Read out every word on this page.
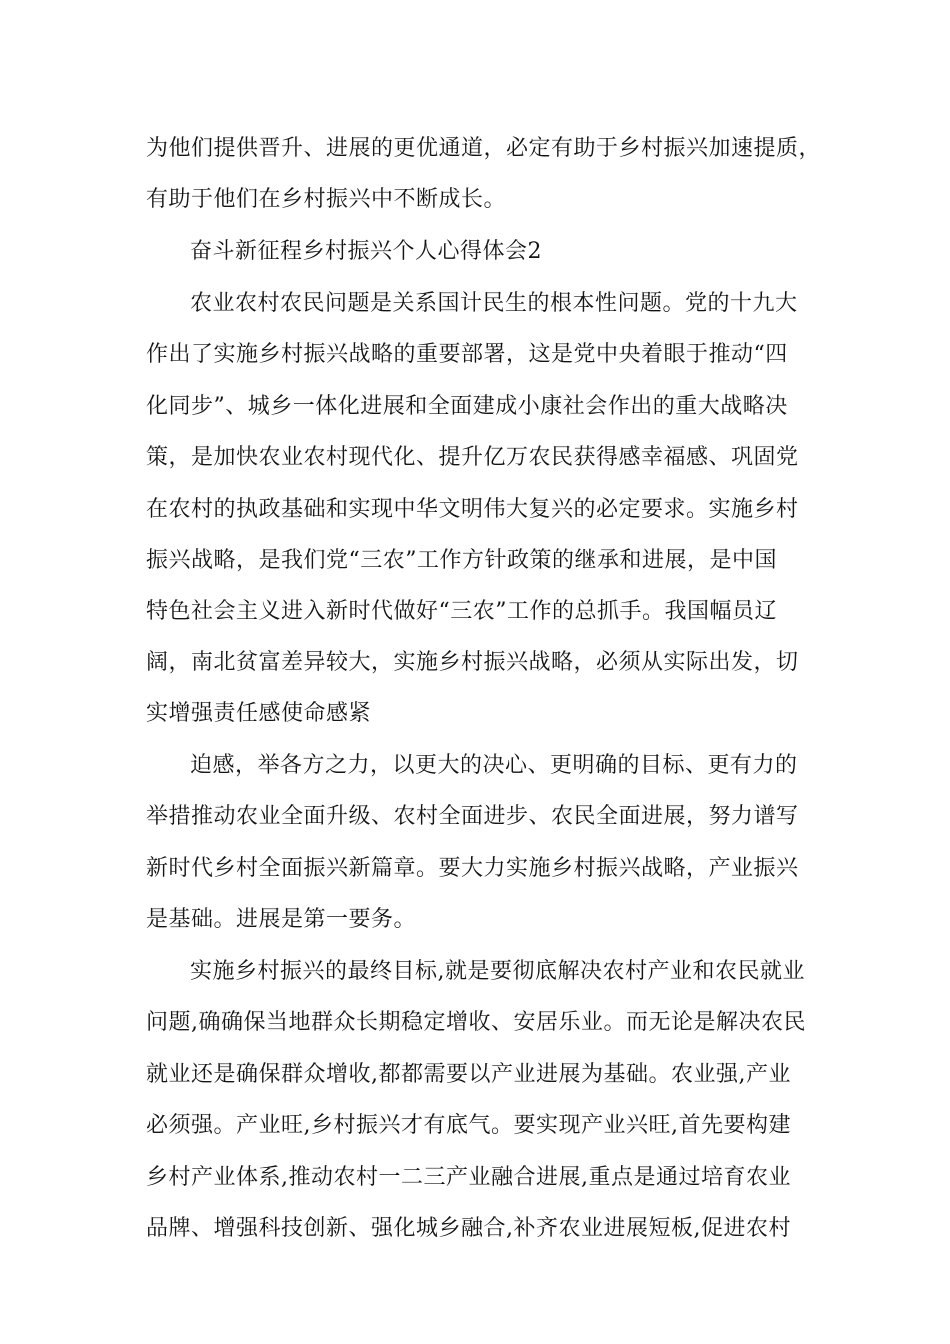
为他们提供晋升、进展的更优通道，必定有助于乡村振兴加速提质，
有助于他们在乡村振兴中不断成长。
奋斗新征程乡村振兴个人心得体会2
农业农村农民问题是关系国计民生的根本性问题。党的十九大
作出了实施乡村振兴战略的重要部署，这是党中央着眼于推动“四
化同步”、城乡一体化进展和全面建成小康社会作出的重大战略决
策，是加快农业农村现代化、提升亿万农民获得感幸福感、巩固党
在农村的执政基础和实现中华文明伟大复兴的必定要求。实施乡村
振兴战略，是我们党“三农”工作方针政策的继承和进展，是中国
特色社会主义进入新时代做好“三农”工作的总抓手。我国幅员辽
阔，南北贫富差异较大，实施乡村振兴战略，必须从实际出发，切
实增强责任感使命感紧
迫感，举各方之力，以更大的决心、更明确的目标、更有力的
举措推动农业全面升级、农村全面进步、农民全面进展，努力谱写
新时代乡村全面振兴新篇章。要大力实施乡村振兴战略，产业振兴
是基础。进展是第一要务。
实施乡村振兴的最终目标,就是要彻底解决农村产业和农民就业
问题,确确保当地群众长期稳定增收、安居乐业。而无论是解决农民
就业还是确保群众增收,都都需要以产业进展为基础。农业强,产业
必须强。产业旺,乡村振兴才有底气。要实现产业兴旺,首先要构建
乡村产业体系,推动农村一二三产业融合进展,重点是通过培育农业
品牌、增强科技创新、强化城乡融合,补齐农业进展短板,促进农村
